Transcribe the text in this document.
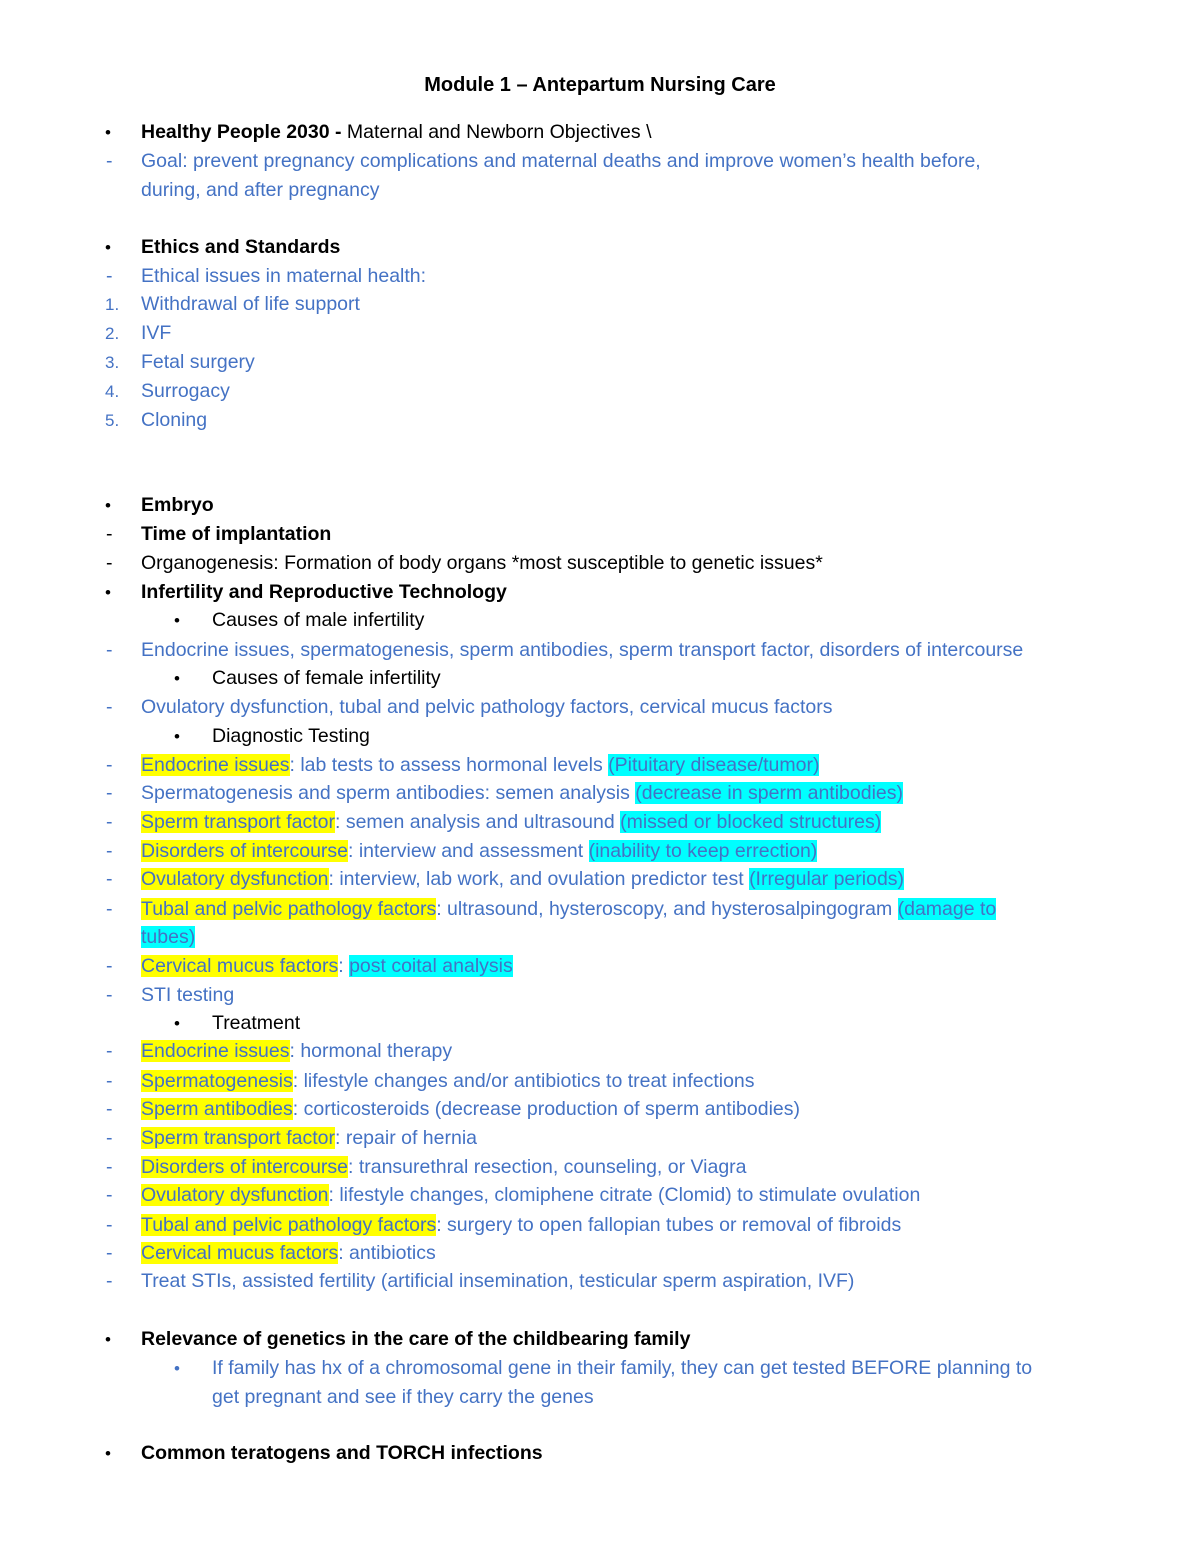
Module 1 – Antepartum Nursing Care
• Healthy People 2030 - Maternal and Newborn Objectives \
- Goal: prevent pregnancy complications and maternal deaths and improve women’s health before,
during, and after pregnancy
• Ethics and Standards
- Ethical issues in maternal health:
1. Withdrawal of life support
2. IVF
3. Fetal surgery
4. Surrogacy
5. Cloning
• Embryo
- Time of implantation
- Organogenesis: Formation of body organs *most susceptible to genetic issues*
• Infertility and Reproductive Technology
• Causes of male infertility
- Endocrine issues, spermatogenesis, sperm antibodies, sperm transport factor, disorders of intercourse
• Causes of female infertility
- Ovulatory dysfunction, tubal and pelvic pathology factors, cervical mucus factors
• Diagnostic Testing
- Endocrine issues: lab tests to assess hormonal levels (Pituitary disease/tumor)
- Spermatogenesis and sperm antibodies: semen analysis (decrease in sperm antibodies)
- Sperm transport factor: semen analysis and ultrasound (missed or blocked structures)
- Disorders of intercourse: interview and assessment (inability to keep errection)
- Ovulatory dysfunction: interview, lab work, and ovulation predictor test (Irregular periods)
- Tubal and pelvic pathology factors: ultrasound, hysteroscopy, and hysterosalpingogram (damage to
tubes)
- Cervical mucus factors: post coital analysis
- STI testing
• Treatment
- Endocrine issues: hormonal therapy
- Spermatogenesis: lifestyle changes and/or antibiotics to treat infections
- Sperm antibodies: corticosteroids (decrease production of sperm antibodies)
- Sperm transport factor: repair of hernia
- Disorders of intercourse: transurethral resection, counseling, or Viagra
- Ovulatory dysfunction: lifestyle changes, clomiphene citrate (Clomid) to stimulate ovulation
- Tubal and pelvic pathology factors: surgery to open fallopian tubes or removal of fibroids
- Cervical mucus factors: antibiotics
- Treat STIs, assisted fertility (artificial insemination, testicular sperm aspiration, IVF)
• Relevance of genetics in the care of the childbearing family
• If family has hx of a chromosomal gene in their family, they can get tested BEFORE planning to
get pregnant and see if they carry the genes
• Common teratogens and TORCH infections
